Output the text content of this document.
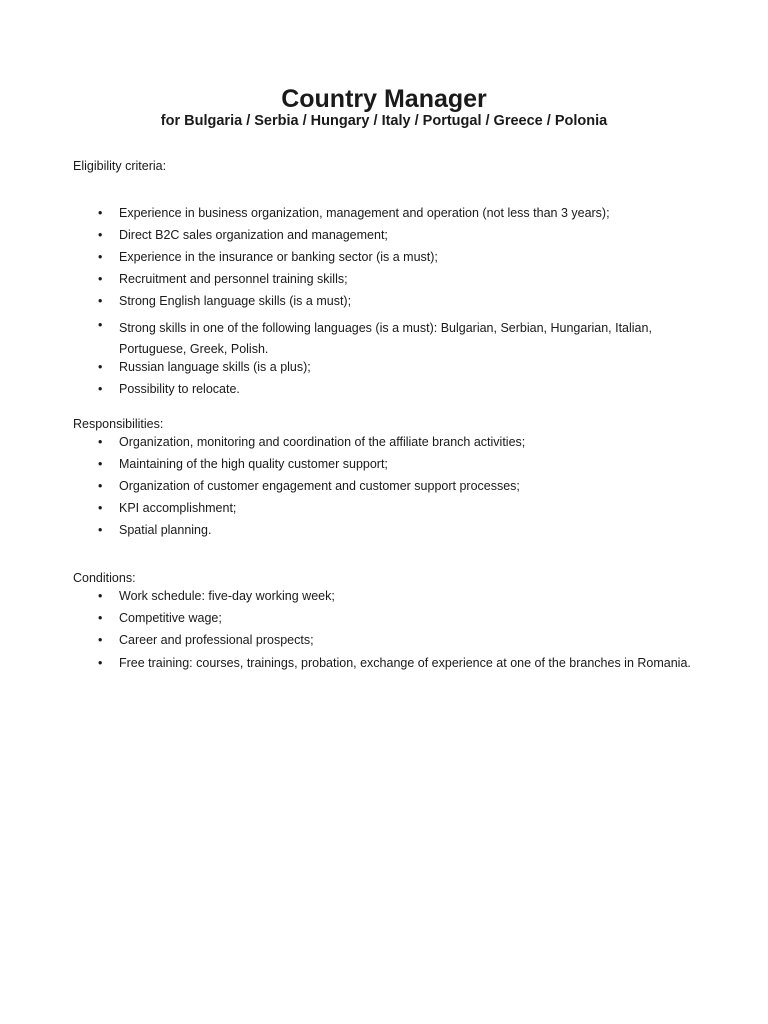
Country Manager
for Bulgaria / Serbia / Hungary / Italy / Portugal / Greece / Polonia
Eligibility criteria:
• Experience in business organization, management and operation (not less than 3 years);
• Direct B2C sales organization and management;
• Experience in the insurance or banking sector (is a must);
• Recruitment and personnel training skills;
• Strong English language skills (is a must);
• Strong skills in one of the following languages (is a must): Bulgarian, Serbian, Hungarian, Italian, Portuguese, Greek, Polish.
• Russian language skills (is a plus);
• Possibility to relocate.
Responsibilities:
• Organization, monitoring and coordination of the affiliate branch activities;
• Maintaining of the high quality customer support;
• Organization of customer engagement and customer support processes;
• KPI accomplishment;
• Spatial planning.
Conditions:
• Work schedule: five-day working week;
• Competitive wage;
• Career and professional prospects;
• Free training: courses, trainings, probation, exchange of experience at one of the branches in Romania.
